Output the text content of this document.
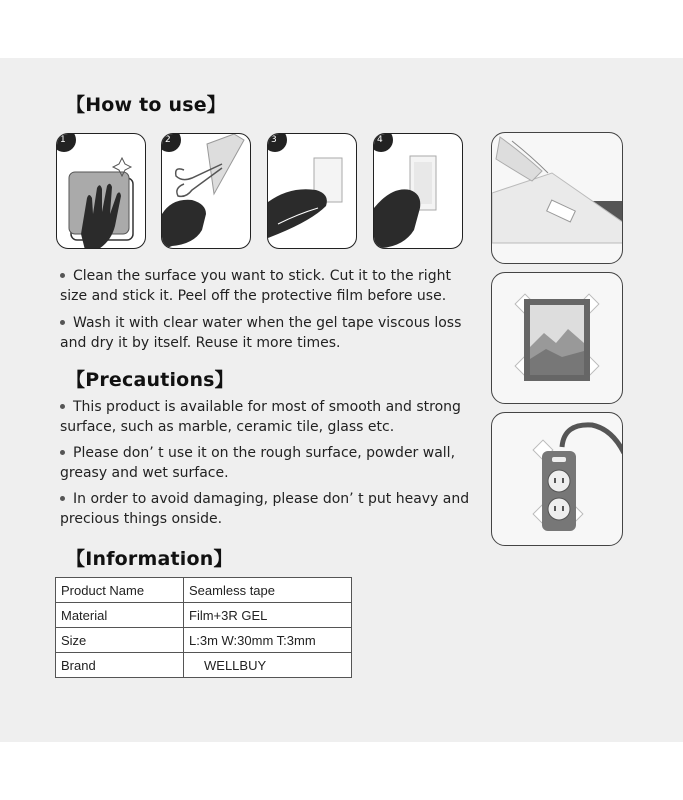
【How to use】
1	2	3	4
Clean the surface you want to stick. Cut it to the right size and stick it. Peel off the protective film before use.
Wash it with clear water when the gel tape viscous loss and dry it by itself. Reuse it more times.
【Precautions】
This product is available for most of smooth and strong surface, such as marble, ceramic tile, glass etc.
Please don’ t use it on the rough surface, powder wall, greasy and wet surface.
In order to avoid damaging, please don’ t put heavy and precious things onside.
【Information】
Product Name	Seamless tape
Material	Film+3R GEL
Size	L:3m W:30mm T:3mm
Brand	WELLBUY
